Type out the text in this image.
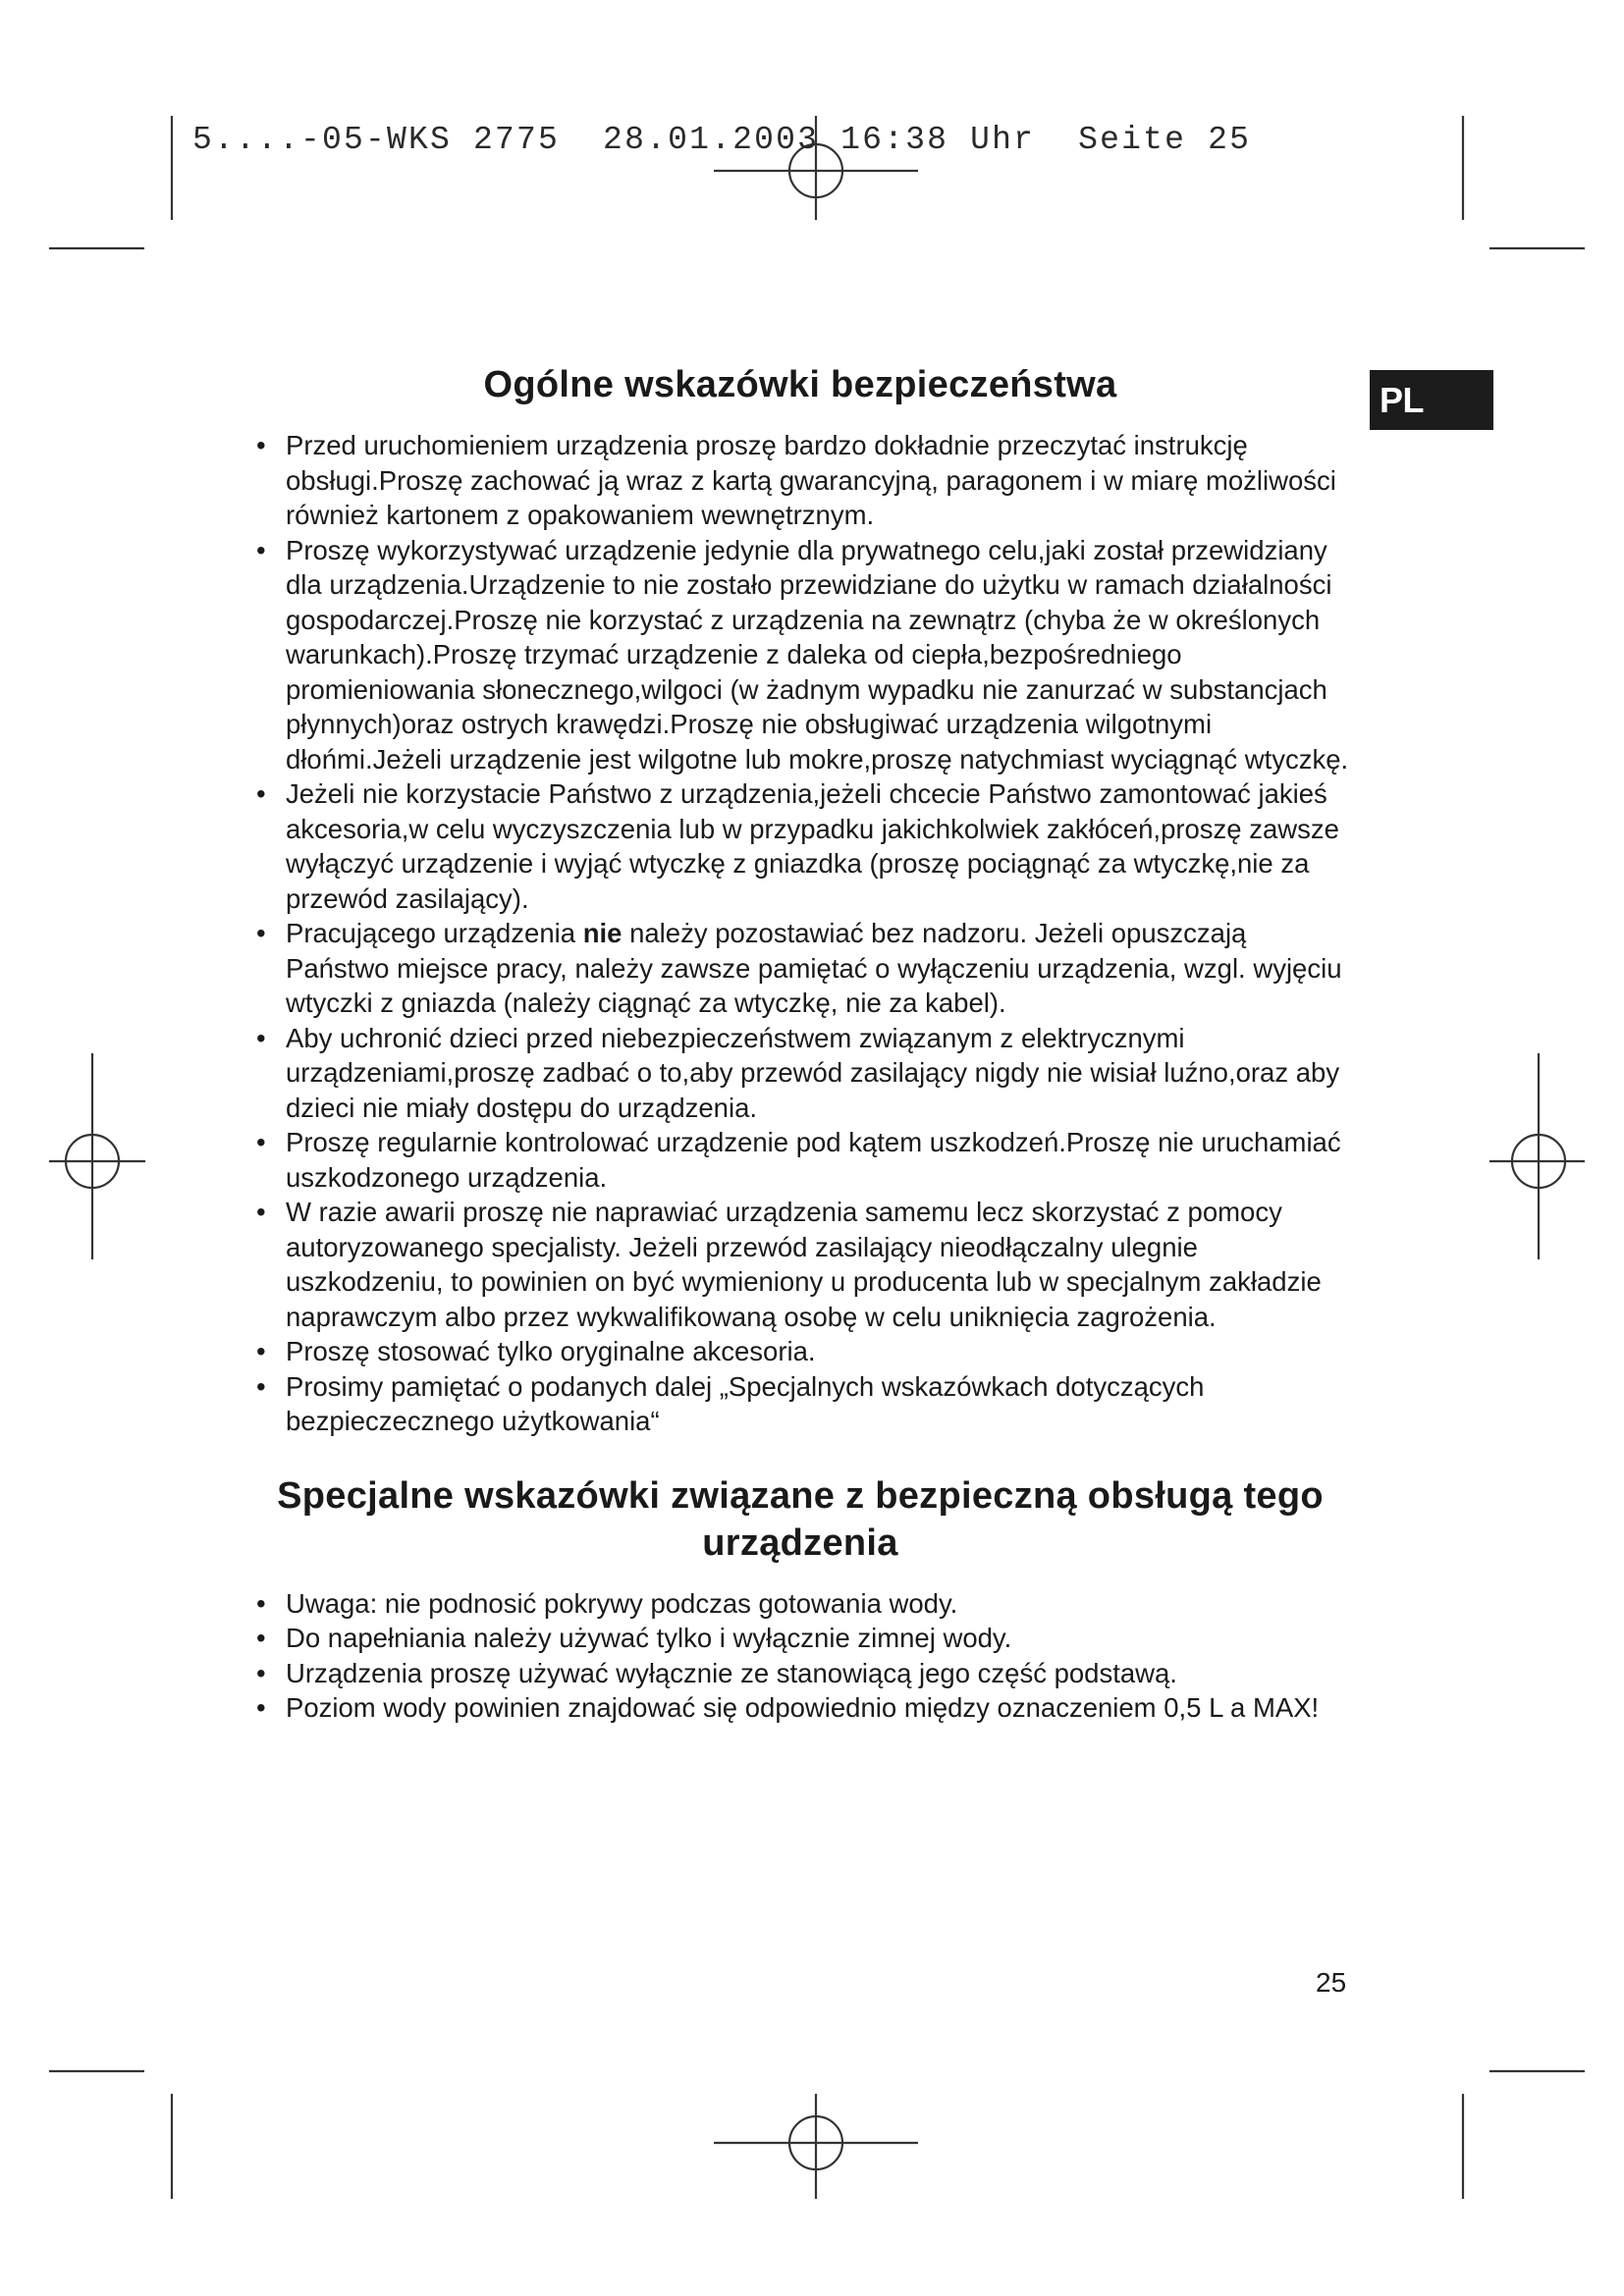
5....-05-WKS 2775  28.01.2003 16:38 Uhr  Seite 25
PL
Ogólne wskazówki bezpieczeństwa
• Przed uruchomieniem urządzenia proszę bardzo dokładnie przeczytać instrukcję obsługi.Proszę zachować ją wraz z kartą gwarancyjną, paragonem i w miarę możliwości również kartonem z opakowaniem wewnętrznym.
• Proszę wykorzystywać urządzenie jedynie dla prywatnego celu,jaki został przewidziany dla urządzenia.Urządzenie to nie zostało przewidziane do użytku w ramach działalności gospodarczej.Proszę nie korzystać z urządzenia na zewnątrz (chyba że w określonych warunkach).Proszę trzymać urządzenie z daleka od ciepła,bezpośredniego promieniowania słonecznego,wilgoci (w żadnym wypadku nie zanurzać w substancjach płynnych)oraz ostrych krawędzi.Proszę nie obsługiwać urządzenia wilgotnymi dłońmi.Jeżeli urządzenie jest wilgotne lub mokre,proszę natychmiast wyciągnąć wtyczkę.
• Jeżeli nie korzystacie Państwo z urządzenia,jeżeli chcecie Państwo zamontować jakieś akcesoria,w celu wyczyszczenia lub w przypadku jakichkolwiek zakłóceń,proszę zawsze wyłączyć urządzenie i wyjąć wtyczkę z gniazdka (proszę pociągnąć za wtyczkę,nie za przewód zasilający).
• Pracującego urządzenia nie należy pozostawiać bez nadzoru. Jeżeli opuszczają Państwo miejsce pracy, należy zawsze pamiętać o wyłączeniu urządzenia, wzgl. wyjęciu wtyczki z gniazda (należy ciągnąć za wtyczkę, nie za kabel).
• Aby uchronić dzieci przed niebezpieczeństwem związanym z elektrycznymi urządzeniami,proszę zadbać o to,aby przewód zasilający nigdy nie wisiał luźno,oraz aby dzieci nie miały dostępu do urządzenia.
• Proszę regularnie kontrolować urządzenie pod kątem uszkodzeń.Proszę nie uruchamiać uszkodzonego urządzenia.
• W razie awarii proszę nie naprawiać urządzenia samemu lecz skorzystać z pomocy autoryzowanego specjalisty. Jeżeli przewód zasilający nieodłączalny ulegnie uszkodzeniu, to powinien on być wymieniony u producenta lub w specjalnym zakładzie naprawczym albo przez wykwalifikowaną osobę w celu uniknięcia zagrożenia.
• Proszę stosować tylko oryginalne akcesoria.
• Prosimy pamiętać o podanych dalej „Specjalnych wskazówkach dotyczących bezpieczecznego użytkowania“
Specjalne wskazówki związane z bezpieczną obsługą tego urządzenia
• Uwaga: nie podnosić pokrywy podczas gotowania wody.
• Do napełniania należy używać tylko i wyłącznie zimnej wody.
• Urządzenia proszę używać wyłącznie ze stanowiącą jego część podstawą.
• Poziom wody powinien znajdować się odpowiednio między oznaczeniem 0,5 L a MAX!
25
